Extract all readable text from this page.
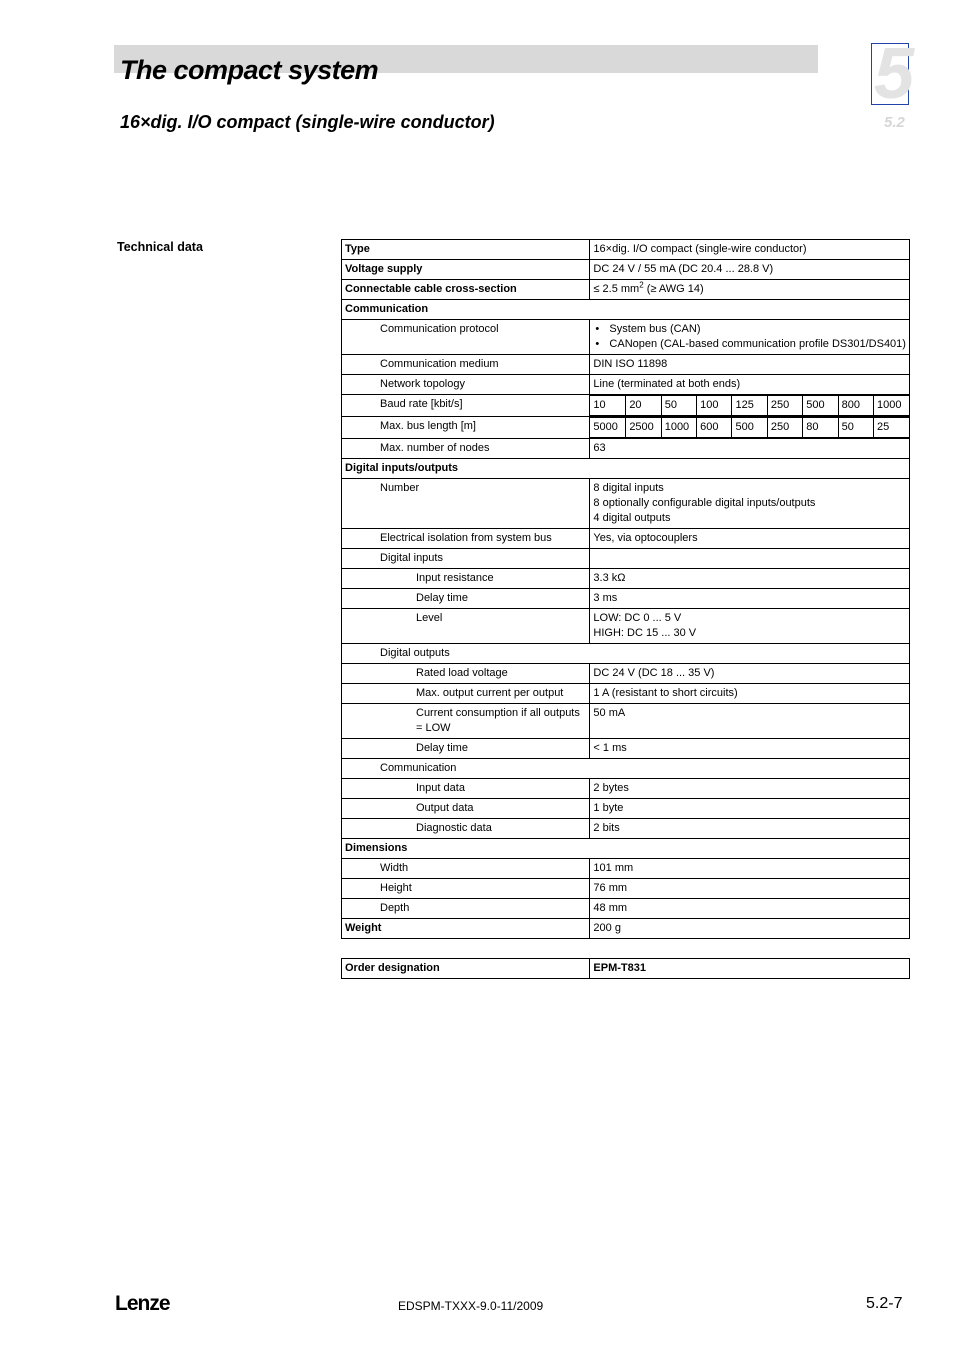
The compact system
16×dig. I/O compact (single-wire conductor)
5
5.2
Technical data	Type	16×dig. I/O compact (single-wire conductor)
Voltage supply	DC 24 V / 55 mA (DC 20.4 ... 28.8 V)
Connectable cable cross-section	≤ 2.5 $mm^2$ (≥ AWG 14)
Communication
Communication protocol	
•System bus (CAN)
• CANopen (CAL-based communication profile DS301/DS401)

Communication medium	DIN ISO 11898
Network topology	Line (terminated at both ends)
Baud rate [kbit/s]		10	20	50	100	125	250	500	800	1000

Max. bus length [m]		5000	2500	1000	600	500	250	80	50	25

Max. number of nodes	63
Digital inputs/outputs
Number	8 digital inputs
8 optionally configurable digital inputs/outputs
4 digital outputs

Electrical isolation from system bus	Yes, via optocouplers
Digital inputs	
Input resistance	3.3 kΩ
Delay time	3 ms
Level	LOW: DC 0 ... 5 V
HIGH: DC 15 ... 30 V

Digital outputs
Rated load voltage	DC 24 V (DC 18 ... 35 V)
Max. output current per output	1 A (resistant to short circuits)
Current consumption if all outputs = LOW	50 mA
Delay time	< 1 ms
Communication
Input data	2 bytes
Output data	1 byte
Diagnostic data	2 bits
Dimensions
Width	101 mm
Height	76 mm
Depth	48 mm
Weight	200 g
Order designation	EPM-T831
Lenze	EDSPM-TXXX-9.0-11/2009	5.2-7
